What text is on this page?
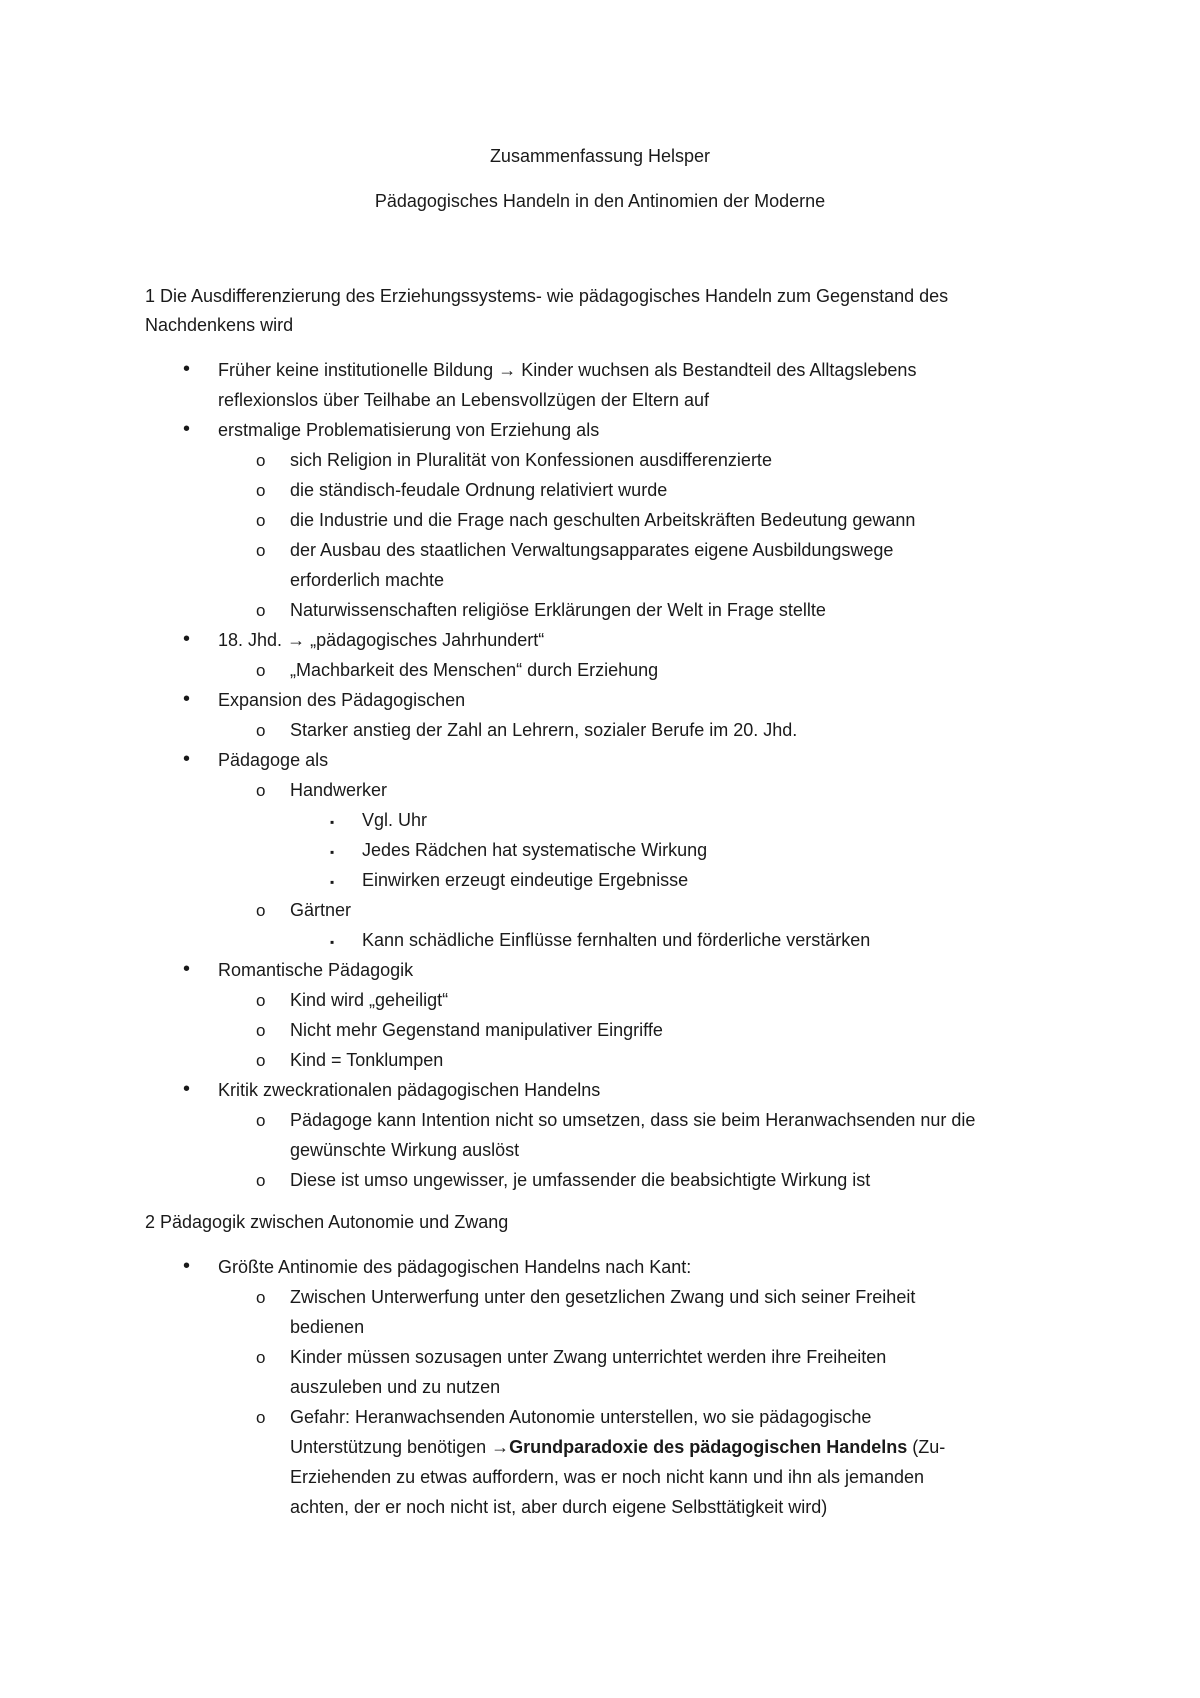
Zusammenfassung Helsper
Pädagogisches Handeln in den Antinomien der Moderne
1 Die Ausdifferenzierung des Erziehungssystems- wie pädagogisches Handeln zum Gegenstand des
Nachdenkens wird
• Früher keine institutionelle Bildung → Kinder wuchsen als Bestandteil des Alltagslebens
reflexionslos über Teilhabe an Lebensvollzügen der Eltern auf
• erstmalige Problematisierung von Erziehung als
o sich Religion in Pluralität von Konfessionen ausdifferenzierte
o die ständisch-feudale Ordnung relativiert wurde
o die Industrie und die Frage nach geschulten Arbeitskräften Bedeutung gewann
o der Ausbau des staatlichen Verwaltungsapparates eigene Ausbildungswege
erforderlich machte
o Naturwissenschaften religiöse Erklärungen der Welt in Frage stellte
• 18. Jhd. → „pädagogisches Jahrhundert“
o „Machbarkeit des Menschen“ durch Erziehung
• Expansion des Pädagogischen
o Starker anstieg der Zahl an Lehrern, sozialer Berufe im 20. Jhd.
• Pädagoge als
o Handwerker
▪ Vgl. Uhr
▪ Jedes Rädchen hat systematische Wirkung
▪ Einwirken erzeugt eindeutige Ergebnisse
o Gärtner
▪ Kann schädliche Einflüsse fernhalten und förderliche verstärken
• Romantische Pädagogik
o Kind wird „geheiligt“
o Nicht mehr Gegenstand manipulativer Eingriffe
o Kind = Tonklumpen
• Kritik zweckrationalen pädagogischen Handelns
o Pädagoge kann Intention nicht so umsetzen, dass sie beim Heranwachsenden nur die
gewünschte Wirkung auslöst
o Diese ist umso ungewisser, je umfassender die beabsichtigte Wirkung ist
2 Pädagogik zwischen Autonomie und Zwang
• Größte Antinomie des pädagogischen Handelns nach Kant:
o Zwischen Unterwerfung unter den gesetzlichen Zwang und sich seiner Freiheit
bedienen
o Kinder müssen sozusagen unter Zwang unterrichtet werden ihre Freiheiten
auszuleben und zu nutzen
o Gefahr: Heranwachsenden Autonomie unterstellen, wo sie pädagogische
Unterstützung benötigen →Grundparadoxie des pädagogischen Handelns (Zu-
Erziehenden zu etwas auffordern, was er noch nicht kann und ihn als jemanden
achten, der er noch nicht ist, aber durch eigene Selbsttätigkeit wird)
